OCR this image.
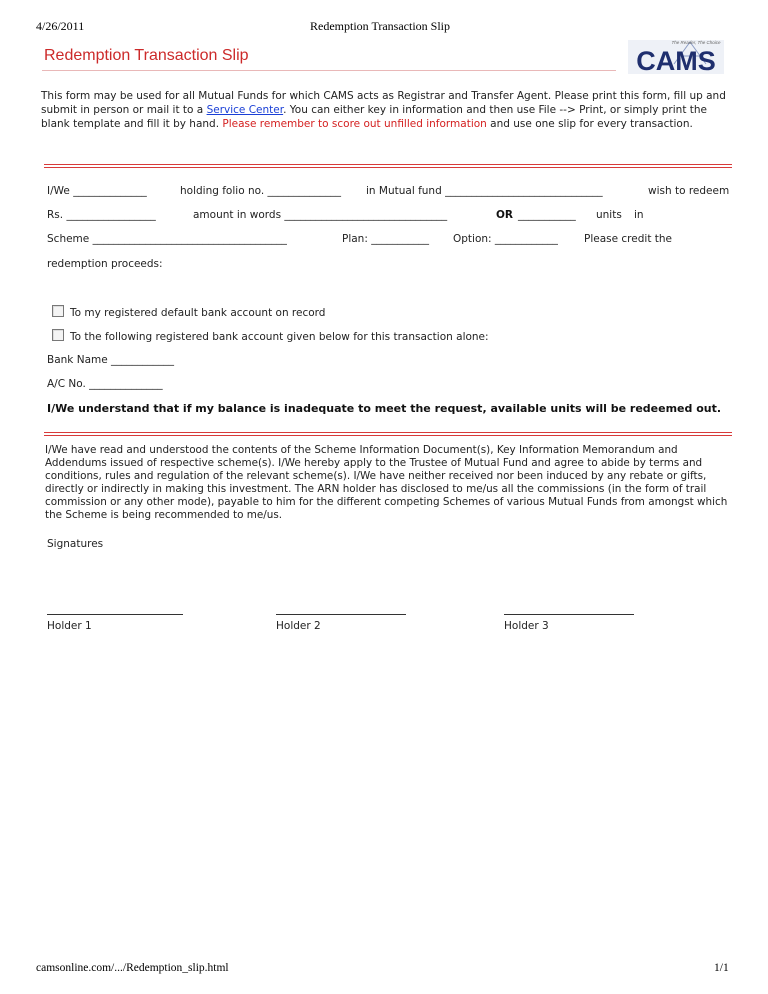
4/26/2011	Redemption Transaction Slip
Redemption Transaction Slip	CAMS
The Reader, The Choice
This form may be used for all Mutual Funds for which CAMS acts as Registrar and Transfer Agent. Please print this form, fill up and submit in person or mail it to a Service Center. You can either key in information and then use File --> Print, or simply print the blank template and fill it by hand. Please remember to score out unfilled information and use one slip for every transaction.
I/We ______________	holding folio no. ______________ in Mutual fund ______________________________	wish to redeem
Rs. _________________	amount in words _______________________________	OR ___________ units in
Scheme _____________________________________	Plan: ___________ Option: ____________ Please credit the
redemption proceeds:
To my registered default bank account on record
To the following registered bank account given below for this transaction alone:
Bank Name ____________
A/C No. ______________
I/We understand that if my balance is inadequate to meet the request, available units will be redeemed out.
I/We have read and understood the contents of the Scheme Information Document(s), Key Information Memorandum and Addendums issued of respective scheme(s). I/We hereby apply to the Trustee of Mutual Fund and agree to abide by terms and conditions, rules and regulation of the relevant scheme(s). I/We have neither received nor been induced by any rebate or gifts, directly or indirectly in making this investment. The ARN holder has disclosed to me/us all the commissions (in the form of trail commission or any other mode), payable to him for the different competing Schemes of various Mutual Funds from amongst which the Scheme is being recommended to me/us.
Signatures
Holder 1	Holder 2	Holder 3
camsonline.com/.../Redemption_slip.html	1/1
